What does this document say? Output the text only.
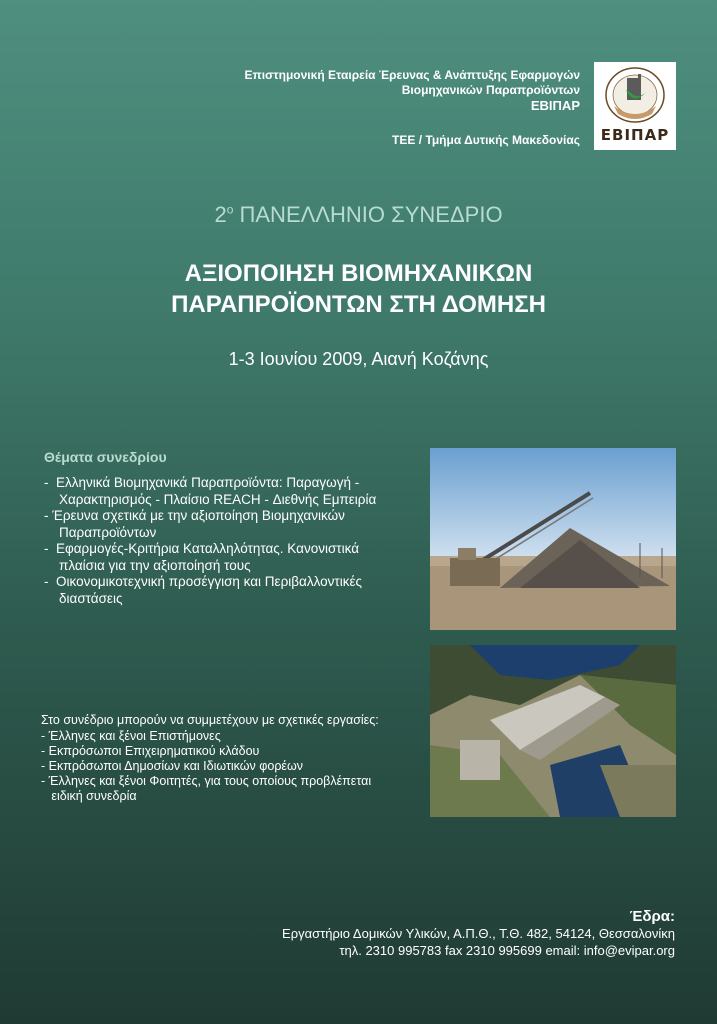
Επιστημονική Εταιρεία Έρευνας & Ανάπτυξης Εφαρμογών
Βιομηχανικών Παραπροϊόντων
ΕΒΙΠΑΡ
ΤΕΕ / Τμήμα Δυτικής Μακεδονίας ΕΒΙΠΑΡ
$2^o$ ΠΑΝΕΛΛΗΝΙΟ ΣΥΝΕΔΡΙΟ
ΑΞΙΟΠΟΙΗΣΗ ΒΙΟΜΗΧΑΝΙΚΩΝ
ΠΑΡΑΠΡΟΪΟΝΤΩΝ ΣΤΗ ΔΟΜΗΣΗ
1-3 Ιουνίου 2009, Αιανή Κοζάνης
Θέματα συνεδρίου
-  Ελληνικά Βιομηχανικά Παραπροϊόντα: Παραγωγή -
Χαρακτηρισμός - Πλαίσιο REACH - Διεθνής Εμπειρία
- Έρευνα σχετικά με την αξιοποίηση Βιομηχανικών
Παραπροϊόντων
-  Εφαρμογές-Κριτήρια Καταλληλότητας. Κανονιστικά
πλαίσια για την αξιοποίησή τους
-  Οικονομικοτεχνική προσέγγιση και Περιβαλλοντικές
διαστάσεις
Στο συνέδριο μπορούν να συμμετέχουν με σχετικές εργασίες:
- Έλληνες και ξένοι Επιστήμονες
- Εκπρόσωποι Επιχειρηματικού κλάδου
- Εκπρόσωποι Δημοσίων και Ιδιωτικών φορέων
- Έλληνες και ξένοι Φοιτητές, για τους οποίους προβλέπεται
ειδική συνεδρία
Έδρα:
Εργαστήριο Δομικών Υλικών, Α.Π.Θ., Τ.Θ. 482, 54124, Θεσσαλονίκη
τηλ. 2310 995783 fax 2310 995699 email: info@evipar.org
